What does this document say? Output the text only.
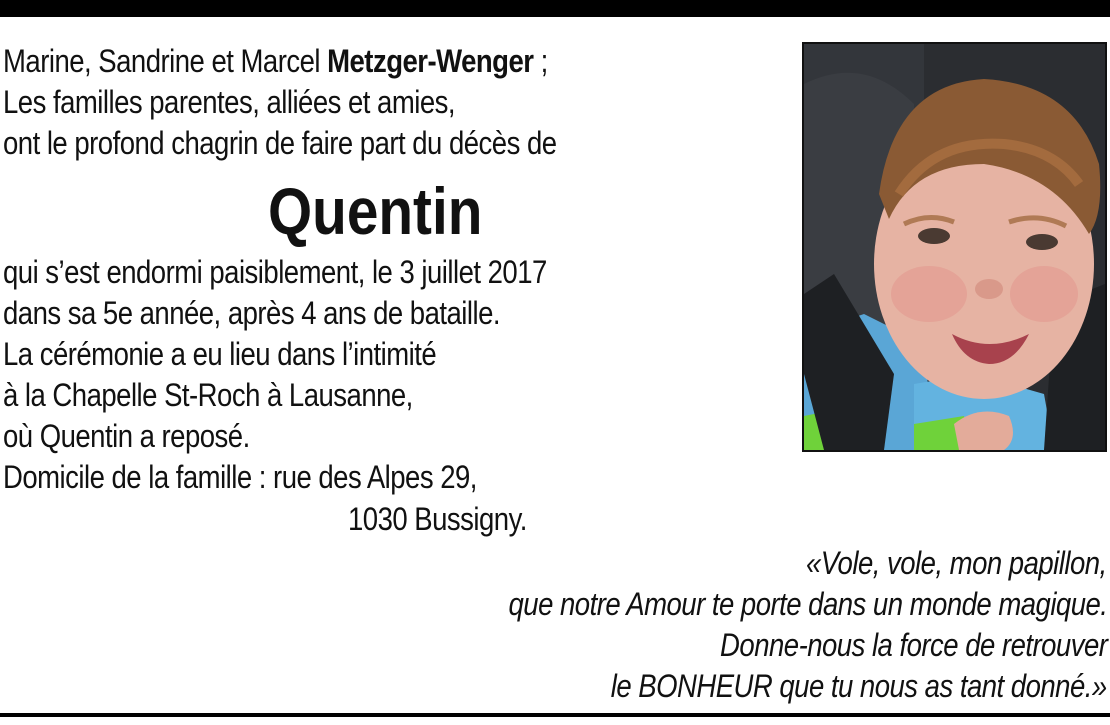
Marine, Sandrine et Marcel Metzger-Wenger ;
Les familles parentes, alliées et amies,
ont le profond chagrin de faire part du décès de
Quentin
qui s’est endormi paisiblement, le 3 juillet 2017
dans sa 5e année, après 4 ans de bataille.
La cérémonie a eu lieu dans l’intimité
à la Chapelle St-Roch à Lausanne,
où Quentin a reposé.
Domicile de la famille : rue des Alpes 29,
1030 Bussigny.
«Vole, vole, mon papillon,
que notre Amour te porte dans un monde magique.
Donne-nous la force de retrouver
le BONHEUR que tu nous as tant donné.»
